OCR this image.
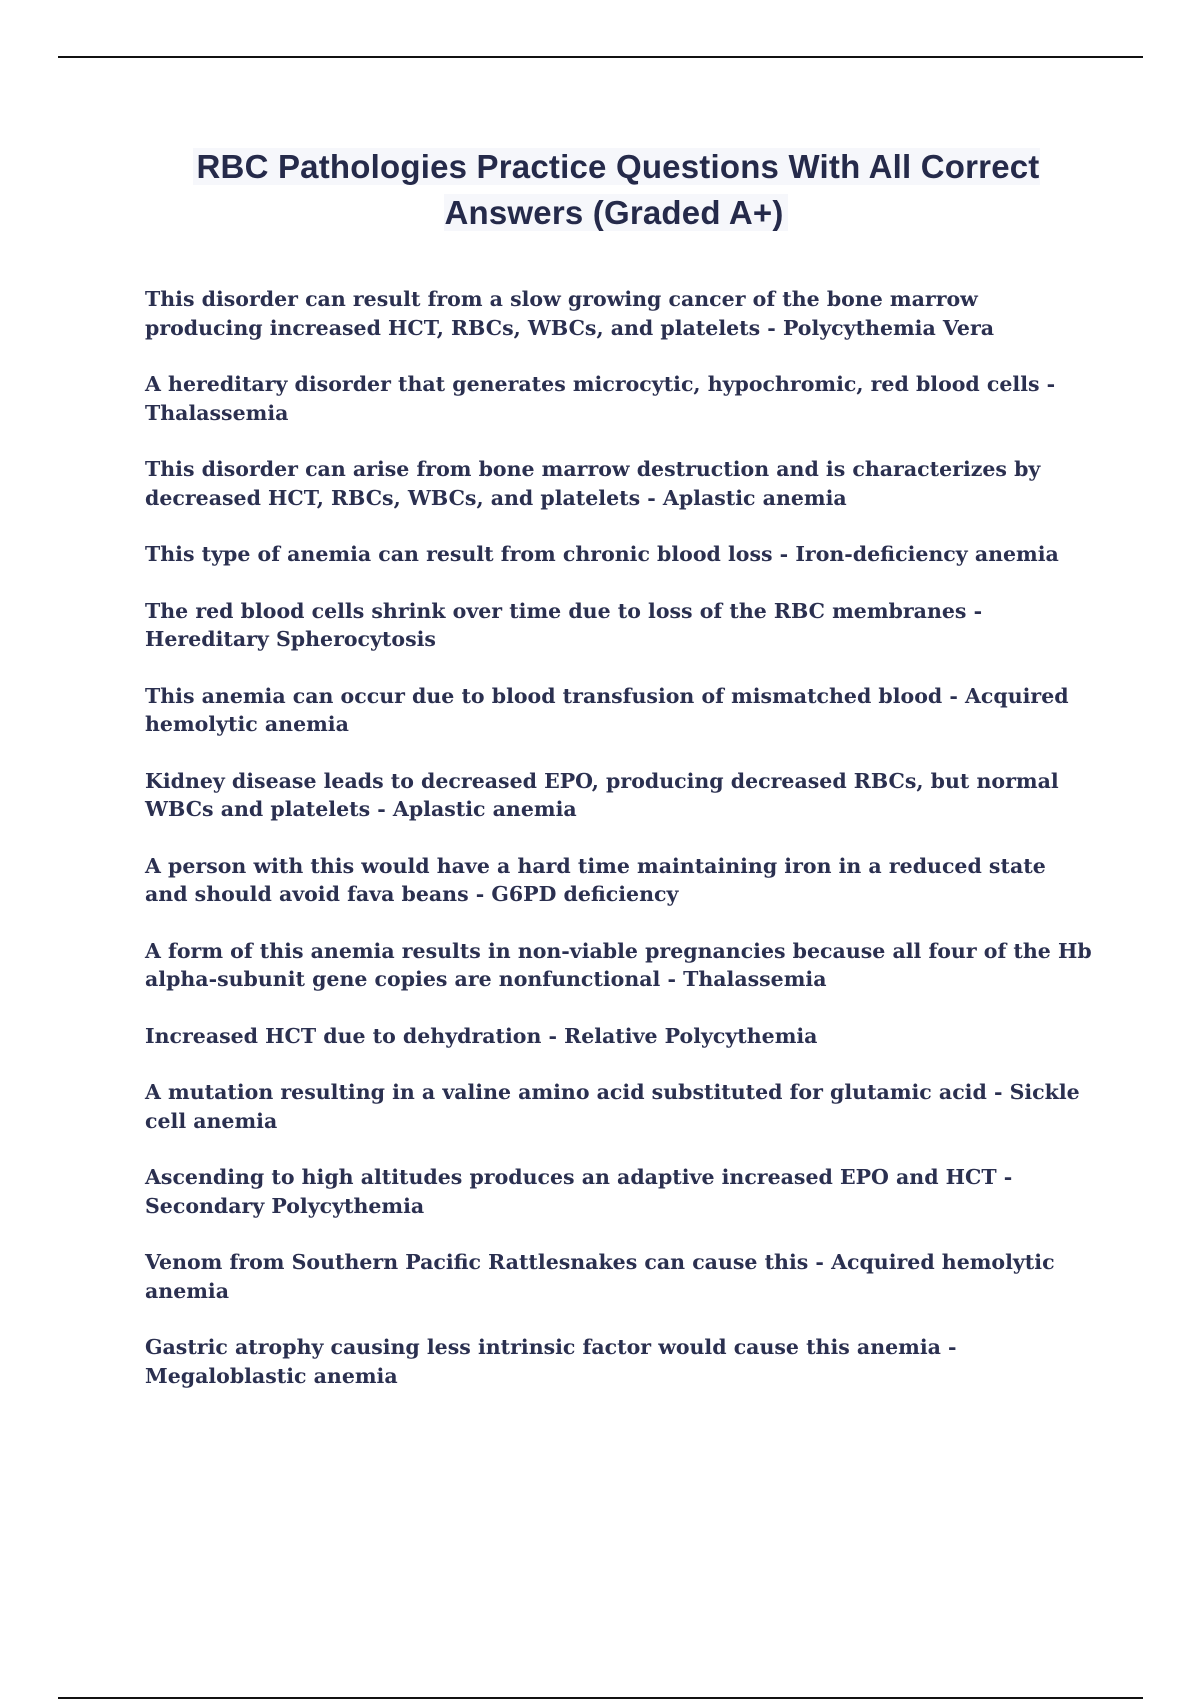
RBC Pathologies Practice Questions With All Correct Answers (Graded A+)
This disorder can result from a slow growing cancer of the bone marrow producing increased HCT, RBCs, WBCs, and platelets - Polycythemia Vera
A hereditary disorder that generates microcytic, hypochromic, red blood cells - Thalassemia
This disorder can arise from bone marrow destruction and is characterizes by decreased HCT, RBCs, WBCs, and platelets - Aplastic anemia
This type of anemia can result from chronic blood loss - Iron-deficiency anemia
The red blood cells shrink over time due to loss of the RBC membranes - Hereditary Spherocytosis
This anemia can occur due to blood transfusion of mismatched blood - Acquired hemolytic anemia
Kidney disease leads to decreased EPO, producing decreased RBCs, but normal WBCs and platelets - Aplastic anemia
A person with this would have a hard time maintaining iron in a reduced state and should avoid fava beans - G6PD deficiency
A form of this anemia results in non-viable pregnancies because all four of the Hb alpha-subunit gene copies are nonfunctional - Thalassemia
Increased HCT due to dehydration - Relative Polycythemia
A mutation resulting in a valine amino acid substituted for glutamic acid - Sickle cell anemia
Ascending to high altitudes produces an adaptive increased EPO and HCT - Secondary Polycythemia
Venom from Southern Pacific Rattlesnakes can cause this - Acquired hemolytic anemia
Gastric atrophy causing less intrinsic factor would cause this anemia - Megaloblastic anemia
